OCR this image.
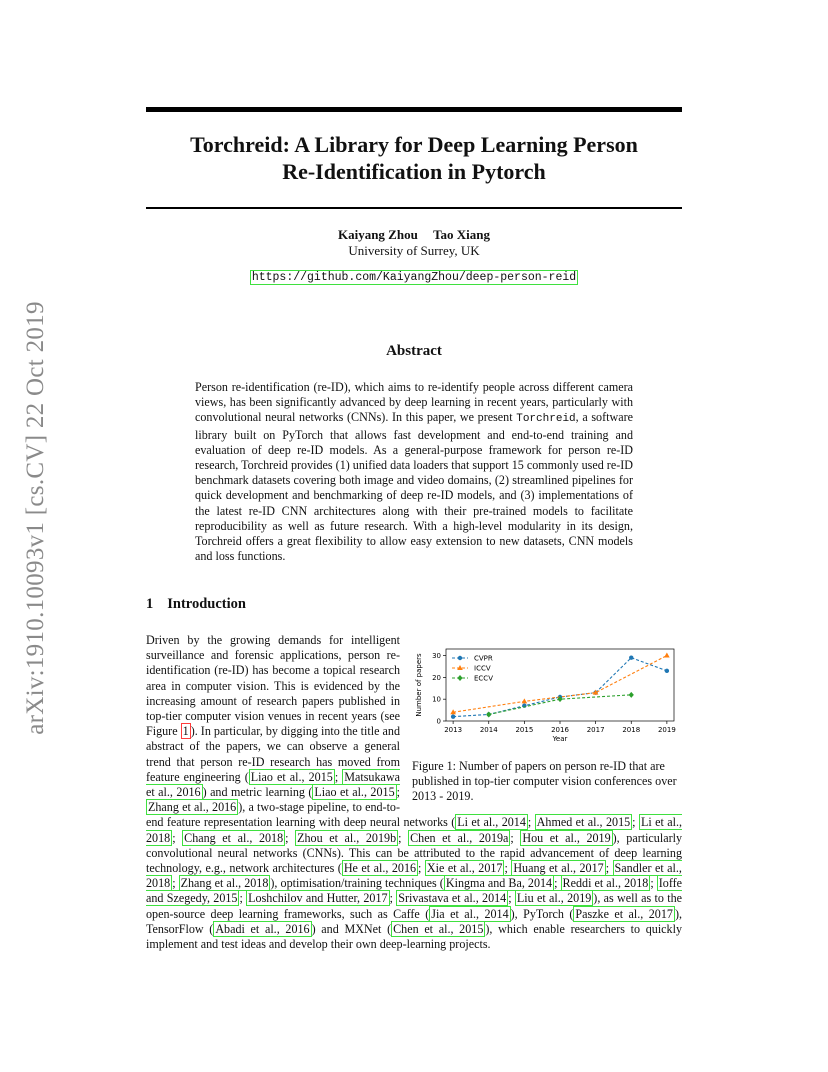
arXiv:1910.10093v1 [cs.CV] 22 Oct 2019
Torchreid: A Library for Deep Learning Person
Re-Identification in Pytorch
Kaiyang Zhou Tao Xiang
University of Surrey, UK
https://github.com/KaiyangZhou/deep-person-reid
Abstract
Person re-identification (re-ID), which aims to re-identify people across different camera views, has been significantly advanced by deep learning in recent years, particularly with convolutional neural networks (CNNs). In this paper, we present Torchreid, a software library built on PyTorch that allows fast development and end-to-end training and evaluation of deep re-ID models. As a general-purpose framework for person re-ID research, Torchreid provides (1) unified data loaders that support 15 commonly used re-ID benchmark datasets covering both image and video domains, (2) streamlined pipelines for quick development and benchmarking of deep re-ID models, and (3) implementations of the latest re-ID CNN architectures along with their pre-trained models to facilitate reproducibility as well as future research. With a high-level modularity in its design, Torchreid offers a great flexibility to allow easy extension to new datasets, CNN models and loss functions.
1 Introduction
0
10
20
30
2013	2014	2015	2016	2017	2018	2019
Year
Number of papers	CVPR
ICCV
ECCV
Figure 1: Number of papers on person re-ID that are published in top-tier computer vision conferences over 2013 - 2019.
Driven by the growing demands for intelligent surveillance and forensic applications, person re-identification (re-ID) has become a topical research area in computer vision. This is evidenced by the increasing amount of research papers published in top-tier computer vision venues in recent years (see Figure 1 ). In particular, by digging into the title and abstract of the papers, we can observe a general trend that person re-ID research has moved from feature engineering ( Liao et al., 2015 ; Matsukawa et al., 2016 ) and metric learning ( Liao et al., 2015 ; Zhang et al., 2016 ), a two-stage pipeline, to end-to-end feature representation learning with deep neural networks ( Li et al., 2014 ; Ahmed et al., 2015 ; Li et al., 2018 ; Chang et al., 2018 ; Zhou et al., 2019b ; Chen et al., 2019a ; Hou et al., 2019 ), particularly convolutional neural networks (CNNs). This can be attributed to the rapid advancement of deep learning technology, e.g., network architectures ( He et al., 2016 ; Xie et al., 2017 ; Huang et al., 2017 ; Sandler et al., 2018 ; Zhang et al., 2018 ), optimisation/training techniques ( Kingma and Ba, 2014 ; Reddi et al., 2018 ; Ioffe and Szegedy, 2015 ; Loshchilov and Hutter, 2017 ; Srivastava et al., 2014 ; Liu et al., 2019 ), as well as to the open-source deep learning frameworks, such as Caffe ( Jia et al., 2014 ), PyTorch ( Paszke et al., 2017 ), TensorFlow ( Abadi et al., 2016 ) and MXNet ( Chen et al., 2015 ), which enable researchers to quickly implement and test ideas and develop their own deep-learning projects.
